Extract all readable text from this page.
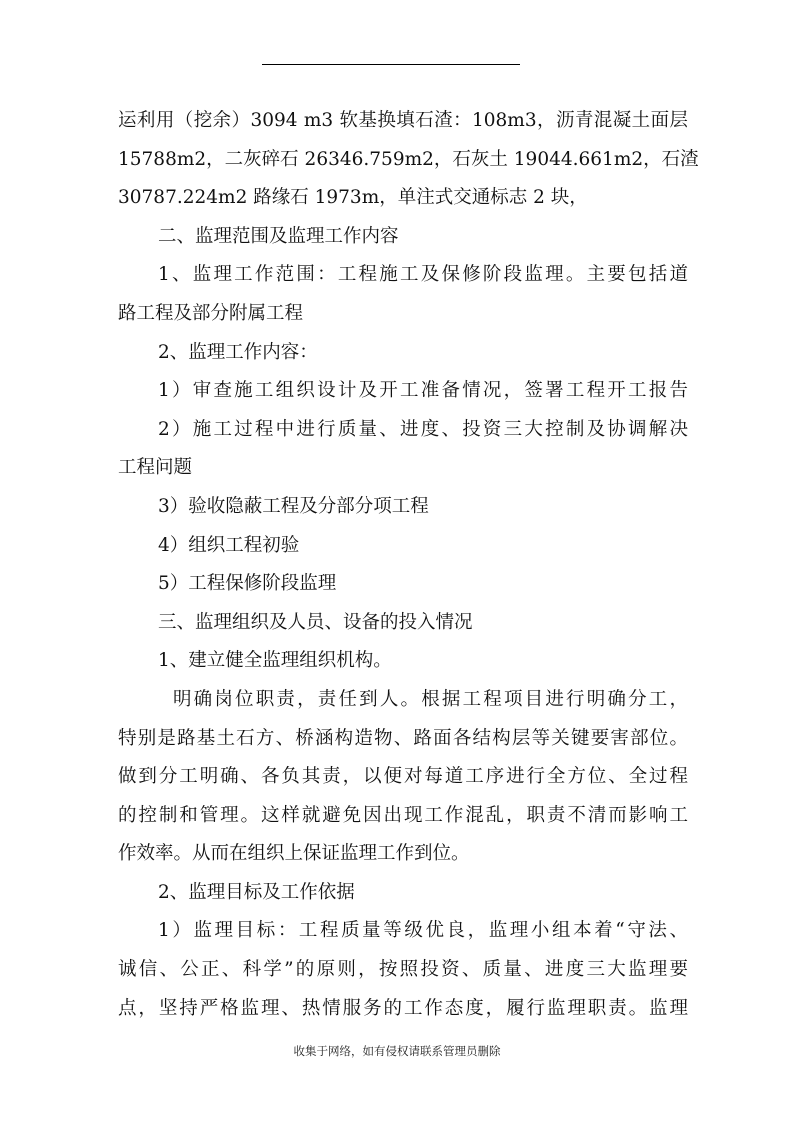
运利用（挖余）3094 m3 软基换填石渣：108m3，沥青混凝土面层
15788m2，二灰碎石 26346.759m2，石灰土 19044.661m2，石渣
30787.224m2 路缘石 1973m，单注式交通标志 2 块，
二、监理范围及监理工作内容
1、监理工作范围：工程施工及保修阶段监理。主要包括道
路工程及部分附属工程
2、监理工作内容：
1）审查施工组织设计及开工准备情况，签署工程开工报告
2）施工过程中进行质量、进度、投资三大控制及协调解决
工程问题
3）验收隐蔽工程及分部分项工程
4）组织工程初验
5）工程保修阶段监理
三、监理组织及人员、设备的投入情况
1、建立健全监理组织机构。
明确岗位职责，责任到人。根据工程项目进行明确分工，
特别是路基土石方、桥涵构造物、路面各结构层等关键要害部位。
做到分工明确、各负其责，以便对每道工序进行全方位、全过程
的控制和管理。这样就避免因出现工作混乱，职责不清而影响工
作效率。从而在组织上保证监理工作到位。
2、监理目标及工作依据
1）监理目标：工程质量等级优良，监理小组本着“守法、
诚信、公正、科学”的原则，按照投资、质量、进度三大监理要
点，坚持严格监理、热情服务的工作态度，履行监理职责。监理
收集于网络，如有侵权请联系管理员删除
